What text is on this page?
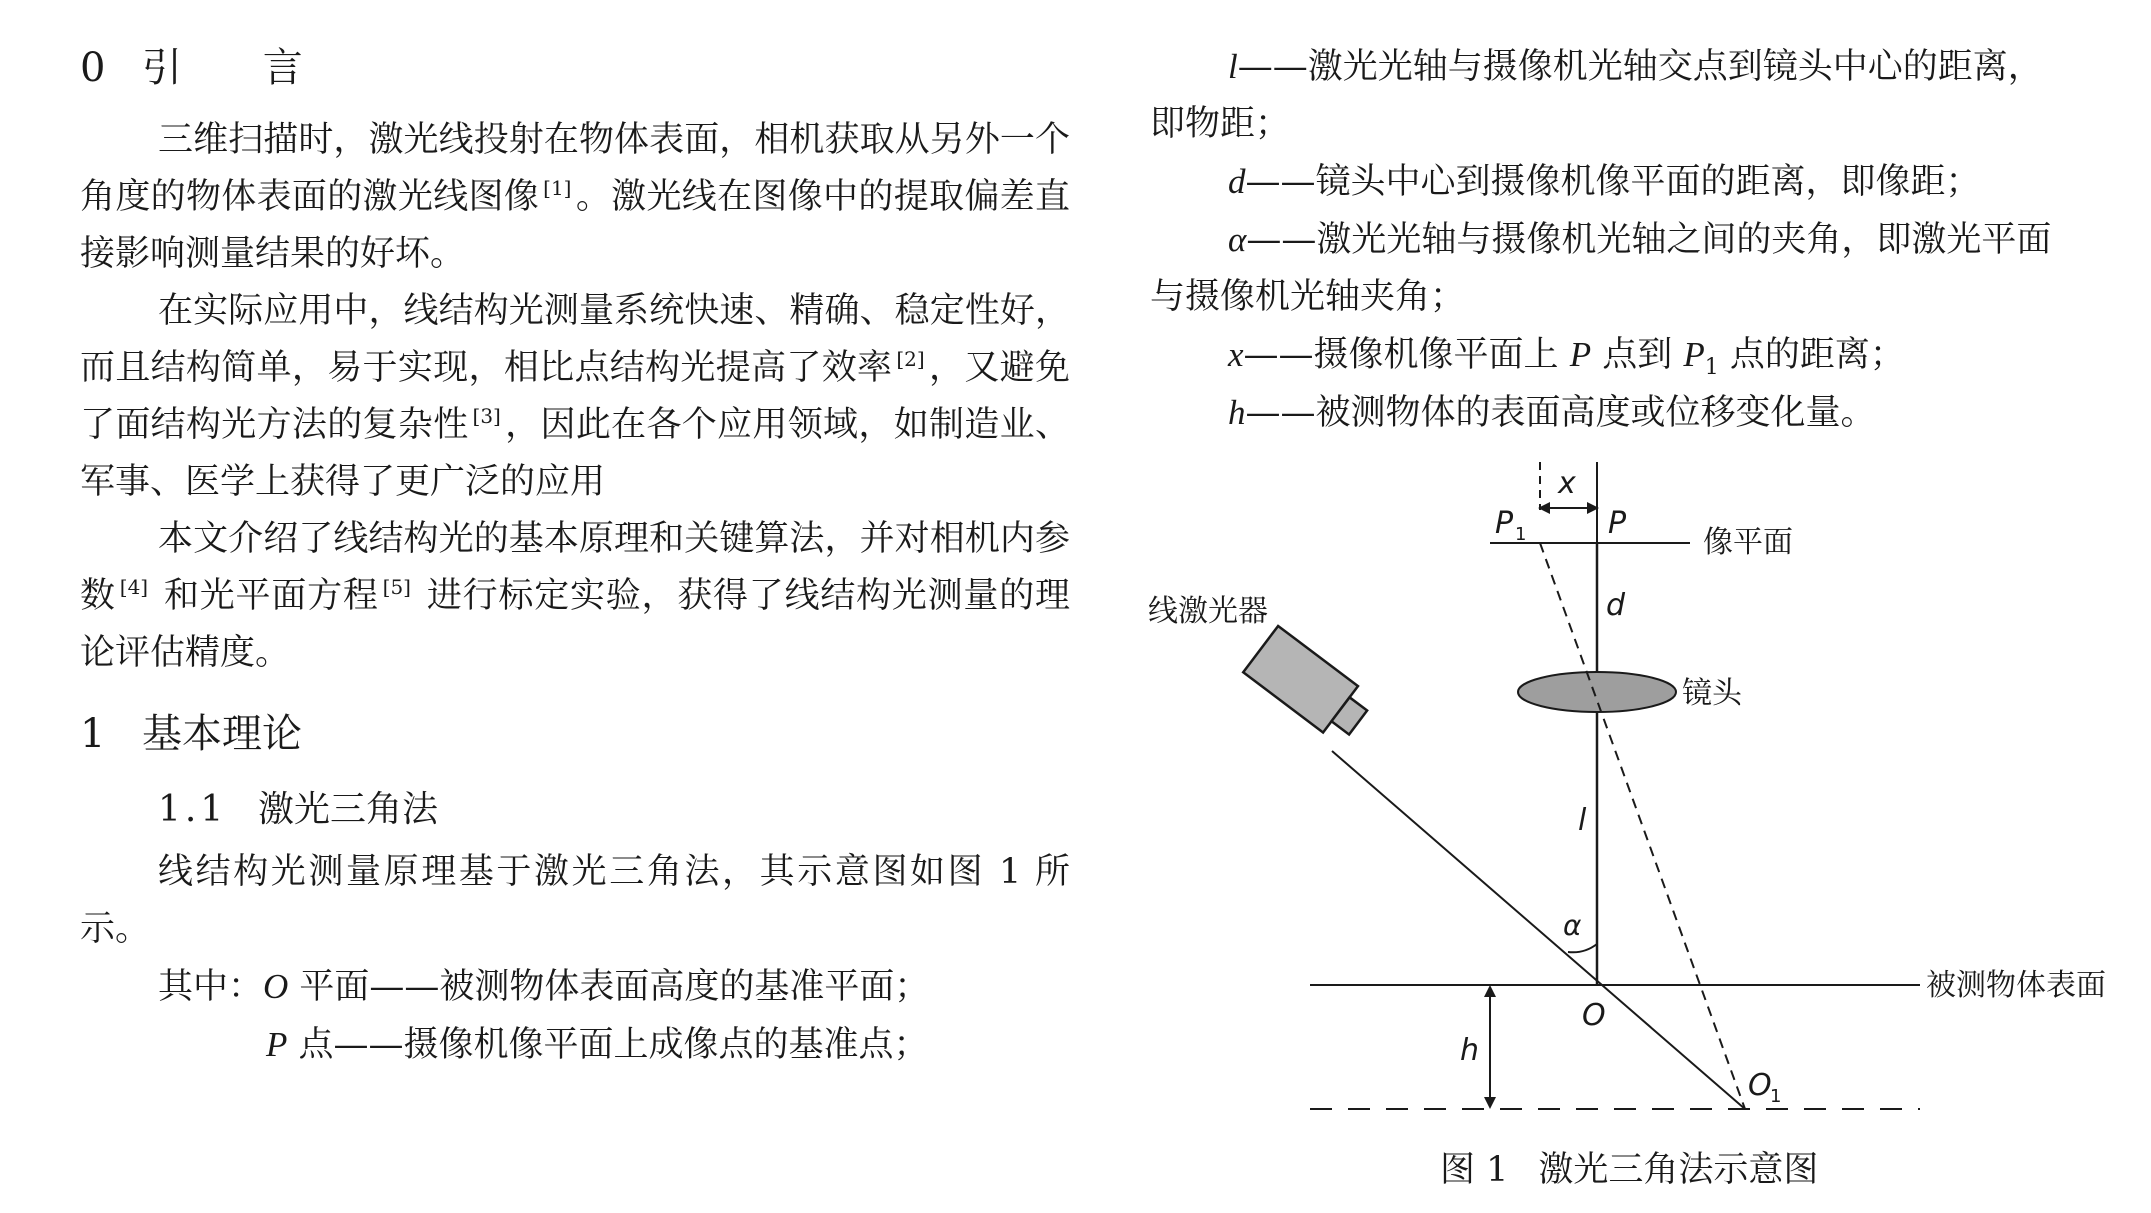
0 引 言

三维扫描时，激光线投射在物体表面，相机获取从另外一个角度的物体表面的激光线图像 [1] 。激光线在图像中的提取偏差直接影响测量结果的好坏。

在实际应用中，线结构光测量系统快速、精确、稳定性好，而且结构简单，易于实现，相比点结构光提高了效率 [2] ，又避免了面结构光方法的复杂性 [3] ，因此在各个应用领域，如制造业、军事、医学上获得了更广泛的应用

本文介绍了线结构光的基本原理和关键算法，并对相机内参数 [4] 和光平面方程 [5] 进行标定实验，获得了线结构光测量的理论评估精度。

1 基本理论
1.1 激光三角法

线结构光测量原理基于激光三角法，其示意图如图 1 所示。

其中：O 平面——被测物体表面高度的基准平面；

P 点——摄像机像平面上成像点的基准点；

l——激光光轴与摄像机光轴交点到镜头中心的距离，

即物距；

d——镜头中心到摄像机像平面的距离，即像距；

α——激光光轴与摄像机光轴之间的夹角，即激光平面

与摄像机光轴夹角；

x——摄像机像平面上 P 点到 $P_1$ 点的距离；

h——被测物体的表面高度或位移变化量。

x
P 1	P
像平面
d
镜头
线激光器
l
α
被测物体表面
O
h
O
1
图 1 激光三角法示意图
